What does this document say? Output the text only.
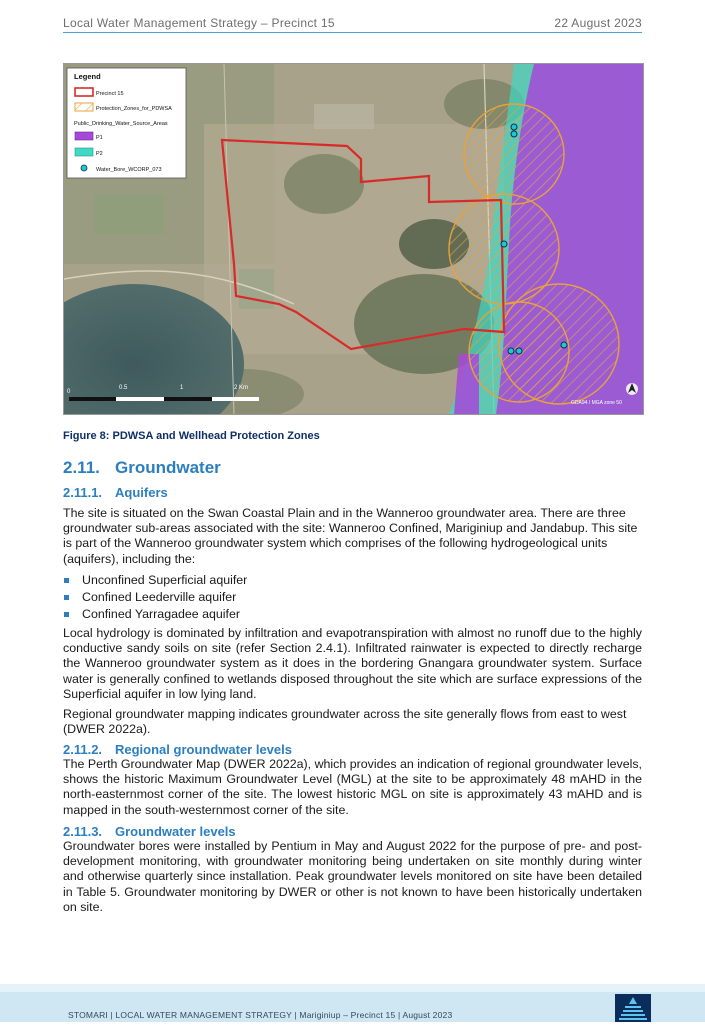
Local Water Management Strategy – Precinct 15	22 August 2023
Legend
Precinct 15
Protection_Zones_for_PDWSA
Public_Drinking_Water_Source_Areas
P1
P2
Water_Bore_WCORP_073
0
0.5	1	2 Km
GDA94 / MGA zone 50
Figure 8: PDWSA and Wellhead Protection Zones
2.11. Groundwater
2.11.1. Aquifers
The site is situated on the Swan Coastal Plain and in the Wanneroo groundwater area. There are three groundwater sub-areas associated with the site: Wanneroo Confined, Mariginiup and Jandabup. This site is part of the Wanneroo groundwater system which comprises of the following hydrogeological units (aquifers), including the:
Unconfined Superficial aquifer
Confined Leederville aquifer
Confined Yarragadee aquifer
Local hydrology is dominated by infiltration and evapotranspiration with almost no runoff due to the highly conductive sandy soils on site (refer Section 2.4.1). Infiltrated rainwater is expected to directly recharge the Wanneroo groundwater system as it does in the bordering Gnangara groundwater system. Surface water is generally confined to wetlands disposed throughout the site which are surface expressions of the Superficial aquifer in low lying land.
Regional groundwater mapping indicates groundwater across the site generally flows from east to west (DWER 2022a).
2.11.2. Regional groundwater levels
The Perth Groundwater Map (DWER 2022a), which provides an indication of regional groundwater levels, shows the historic Maximum Groundwater Level (MGL) at the site to be approximately 48 mAHD in the north-easternmost corner of the site. The lowest historic MGL on site is approximately 43 mAHD and is mapped in the south-westernmost corner of the site.
2.11.3. Groundwater levels
Groundwater bores were installed by Pentium in May and August 2022 for the purpose of pre- and post-development monitoring, with groundwater monitoring being undertaken on site monthly during winter and otherwise quarterly since installation. Peak groundwater levels monitored on site have been detailed in Table 5. Groundwater monitoring by DWER or other is not known to have been historically undertaken on site.
STOMARI | LOCAL WATER MANAGEMENT STRATEGY | Mariginiup – Precinct 15 | August 2023
